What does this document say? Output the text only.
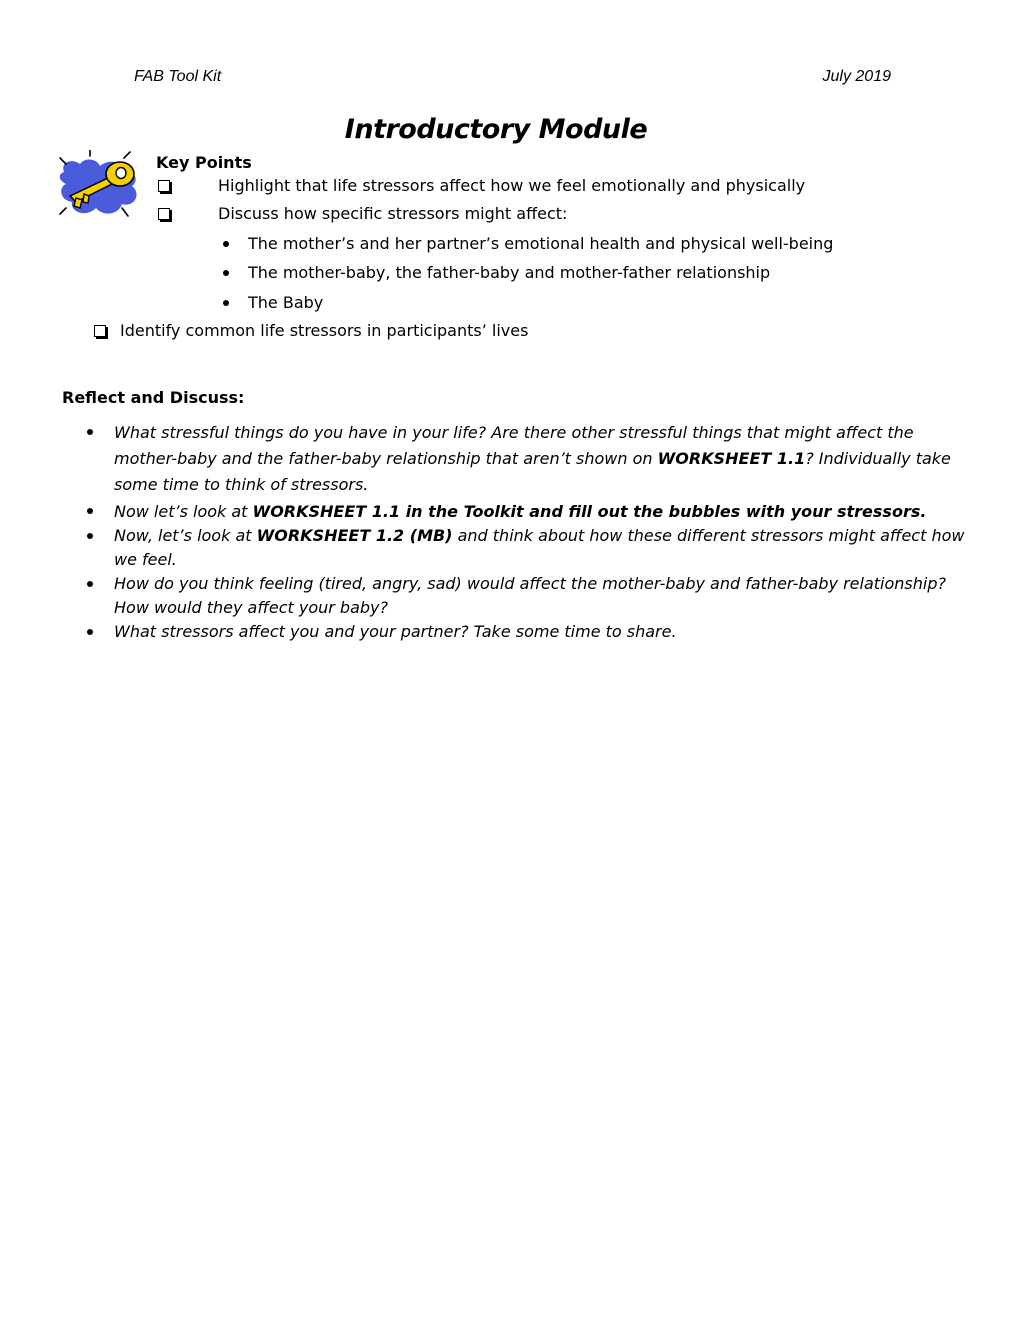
FAB Tool Kit	July 2019
Introductory Module
Key Points
Highlight that life stressors affect how we feel emotionally and physically
Discuss how specific stressors might affect:
The mother’s and her partner’s emotional health and physical well-being
The mother-baby, the father-baby and mother-father relationship
The Baby
Identify common life stressors in participants’ lives
Reflect and Discuss:
What stressful things do you have in your life? Are there other stressful things that might affect the mother-baby and the father-baby relationship that aren’t shown on WORKSHEET 1.1? Individually take some time to think of stressors.
Now let’s look at WORKSHEET 1.1 in the Toolkit and fill out the bubbles with your stressors.
Now, let’s look at WORKSHEET 1.2 (MB) and think about how these different stressors might affect how we feel.
How do you think feeling (tired, angry, sad) would affect the mother-baby and father-baby relationship? How would they affect your baby?
What stressors affect you and your partner? Take some time to share.
